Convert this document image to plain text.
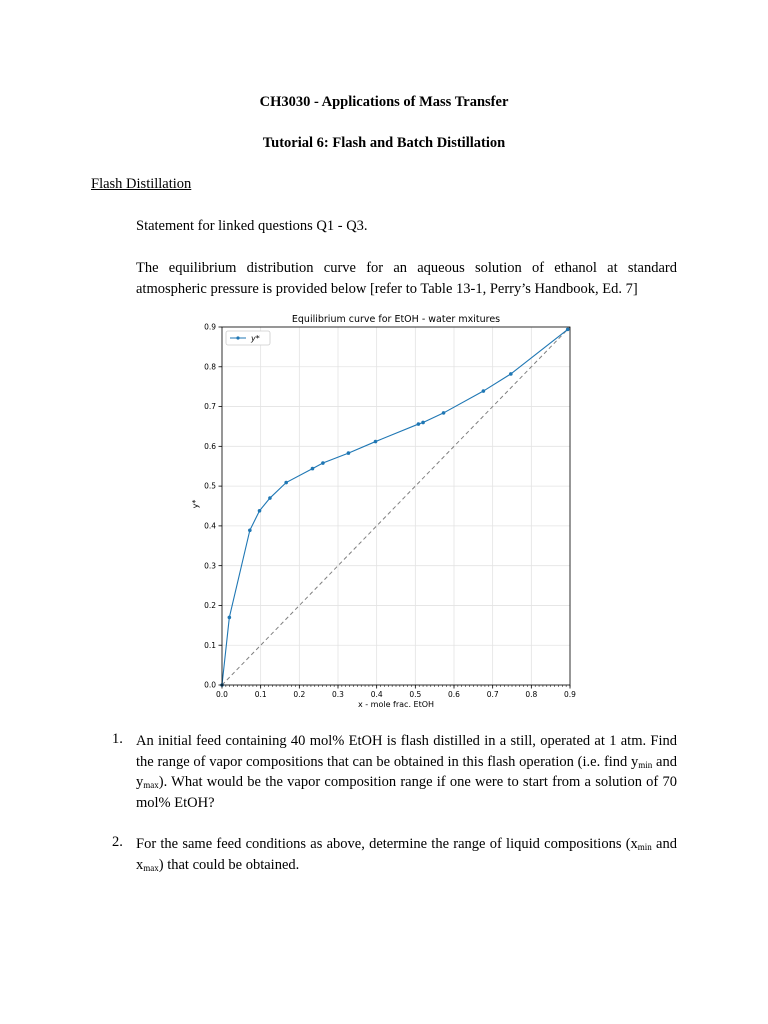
CH3030 - Applications of Mass Transfer
Tutorial 6: Flash and Batch Distillation
Flash Distillation
Statement for linked questions Q1 - Q3.
The equilibrium distribution curve for an aqueous solution of ethanol at standard atmospheric pressure is provided below [refer to Table 13-1, Perry’s Handbook, Ed. 7]
Equilibrium curve for EtOH - water mxitures
0.0	0.1	0.2	0.3	0.4	0.5	0.6	0.7	0.8	0.9
0.0
0.1
0.2
0.3
0.4
0.5
0.6
0.7
0.8
0.9
y*
x - mole frac. EtOH
y*
1. An initial feed containing 40 mol% EtOH is flash distilled in a still, operated at 1 atm. Find the range of vapor compositions that can be obtained in this flash operation (i.e. find $y_{min}$ and $y_{max}$). What would be the vapor composition range if one were to start from a solution of 70 mol% EtOH?
2. For the same feed conditions as above, determine the range of liquid compositions ($x_{min}$ and $x_{max}$) that could be obtained.
